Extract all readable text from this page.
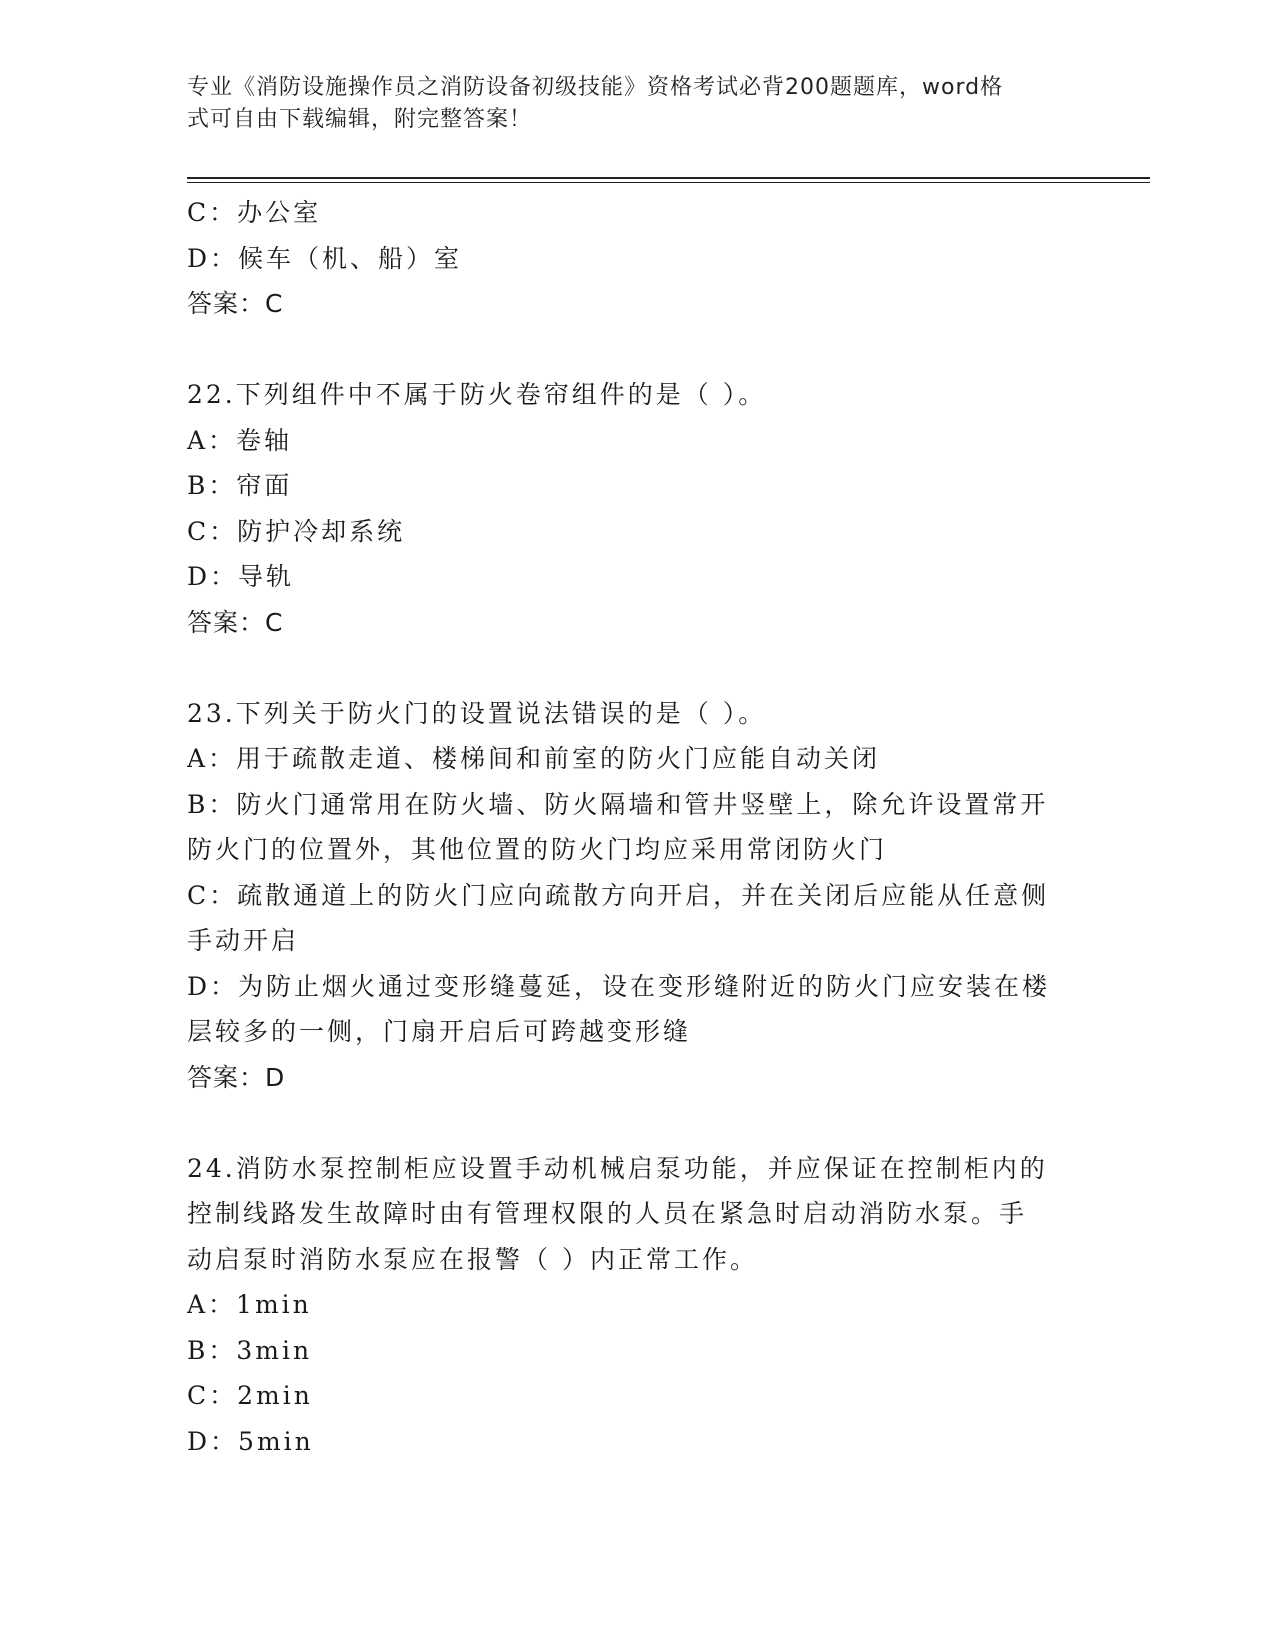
专业《消防设施操作员之消防设备初级技能》资格考试必背200题题库，word格
式可自由下载编辑，附完整答案！
C：办公室
D：候车（机、船）室
答案：C
22.下列组件中不属于防火卷帘组件的是（ ）。
A：卷轴
B：帘面
C：防护冷却系统
D：导轨
答案：C
23.下列关于防火门的设置说法错误的是（ ）。
A：用于疏散走道、楼梯间和前室的防火门应能自动关闭
B：防火门通常用在防火墙、防火隔墙和管井竖壁上，除允许设置常开
防火门的位置外，其他位置的防火门均应采用常闭防火门
C：疏散通道上的防火门应向疏散方向开启，并在关闭后应能从任意侧
手动开启
D：为防止烟火通过变形缝蔓延，设在变形缝附近的防火门应安装在楼
层较多的一侧，门扇开启后可跨越变形缝
答案：D
24.消防水泵控制柜应设置手动机械启泵功能，并应保证在控制柜内的
控制线路发生故障时由有管理权限的人员在紧急时启动消防水泵。手
动启泵时消防水泵应在报警（ ）内正常工作。
A：1min
B：3min
C：2min
D：5min
